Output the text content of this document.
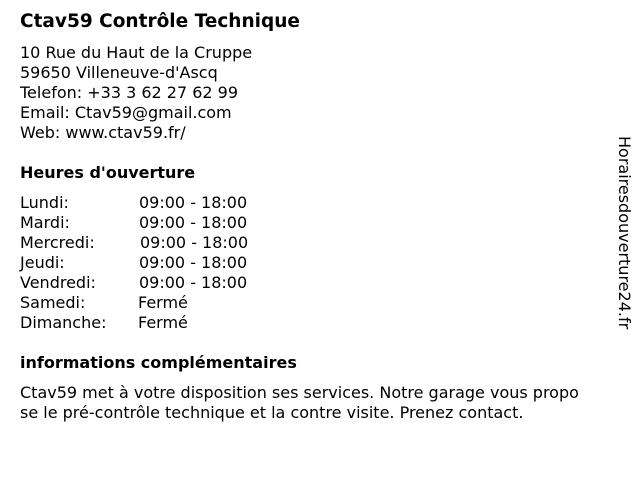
Ctav59 Contrôle Technique
10 Rue du Haut de la Cruppe
59650 Villeneuve-d'Ascq
Telefon: +33 3 62 27 62 99
Email: Ctav59@gmail.com
Web: www.ctav59.fr/
Heures d'ouverture
Lundi:	09:00 - 18:00
Mardi:	09:00 - 18:00
Mercredi:	09:00 - 18:00
Jeudi:	09:00 - 18:00
Vendredi:	09:00 - 18:00
Samedi:	Fermé
Dimanche: Fermé
informations complémentaires
Ctav59 met à votre disposition ses services. Notre garage vous propo
se le pré-contrôle technique et la contre visite. Prenez contact.
Horairesdouverture24.fr
